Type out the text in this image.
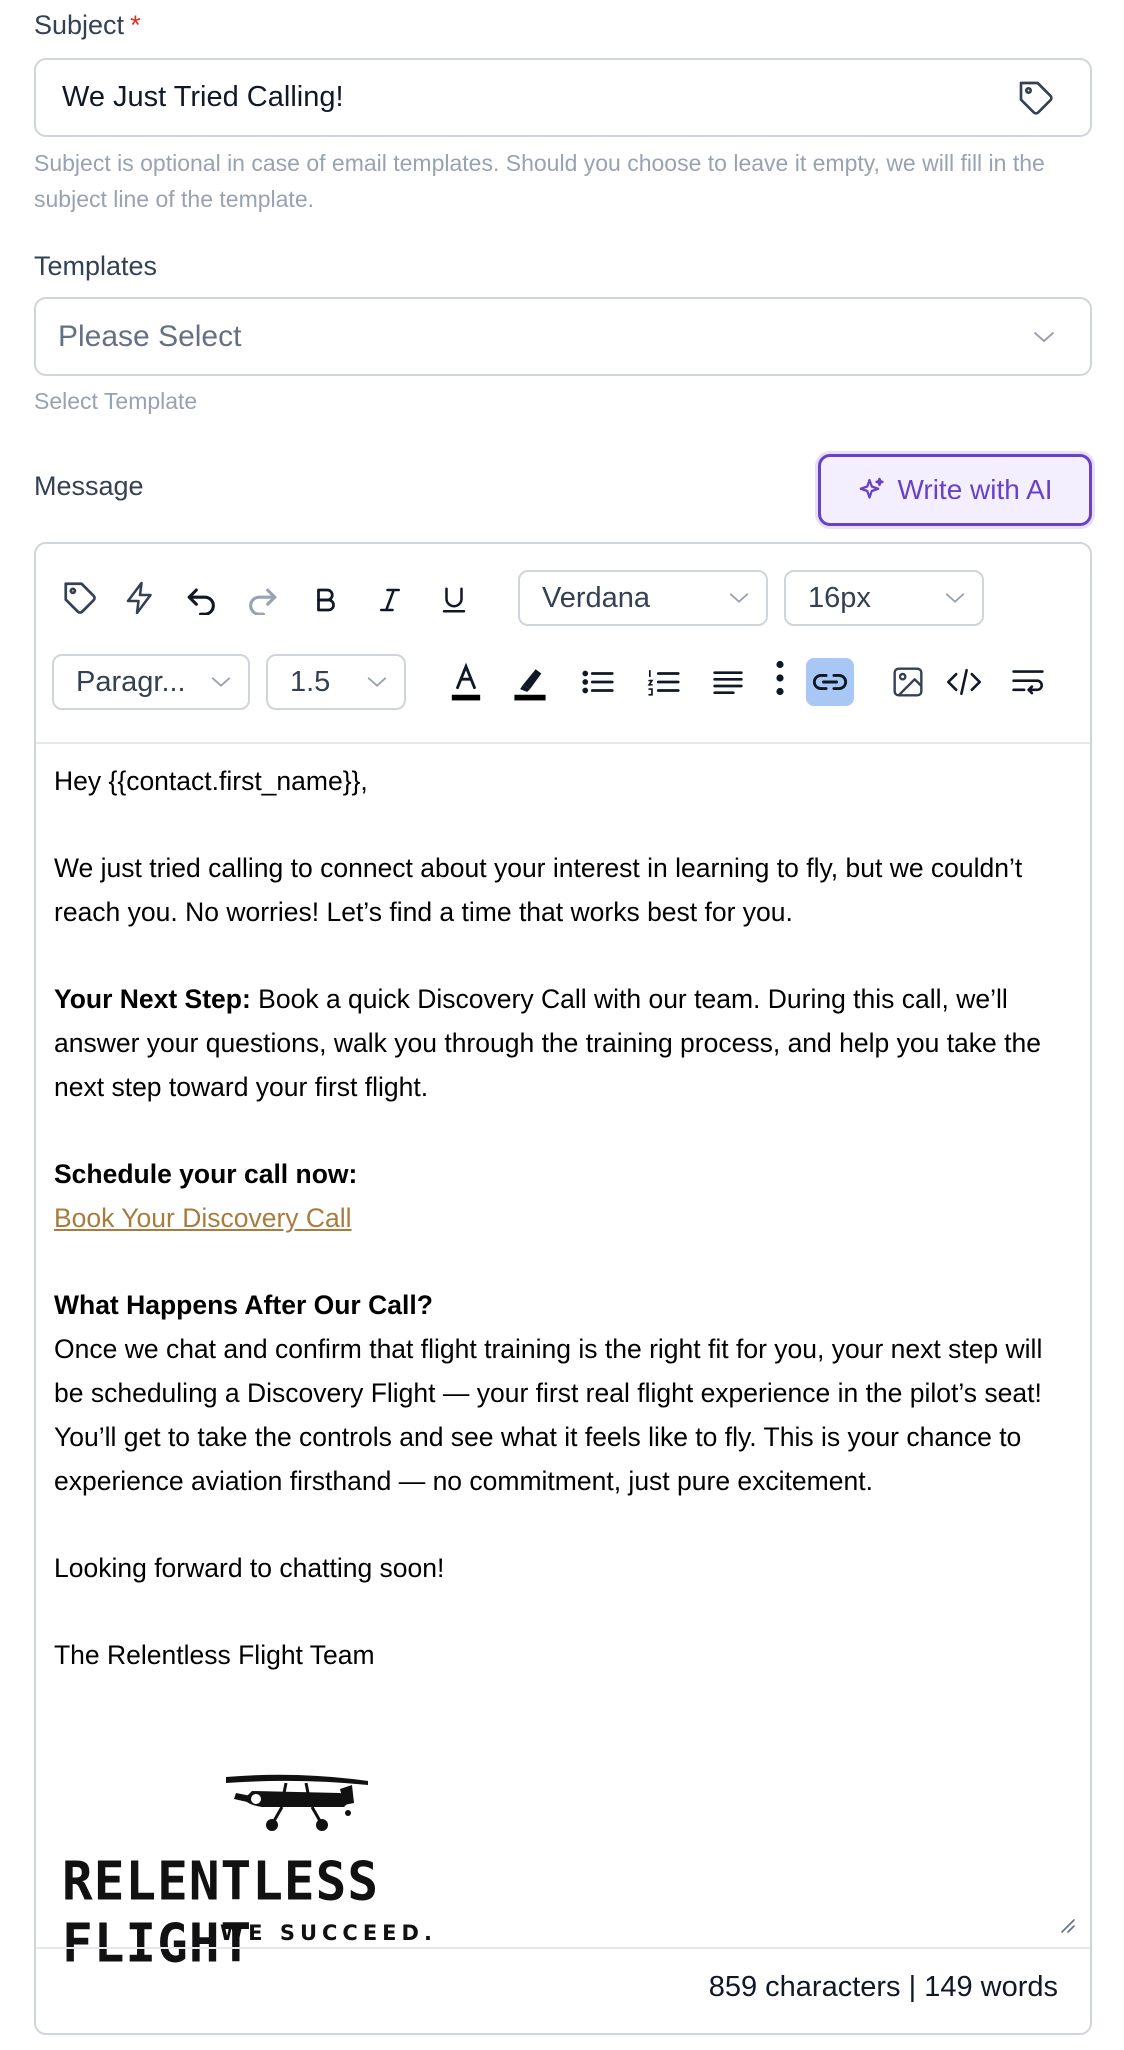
Subject *
We Just Tried Calling!
Subject is optional in case of email templates. Should you choose to leave it empty, we will fill in the subject line of the template.
Templates
Please Select
Select Template
Message	Write with AI
Verdana	16px
Paragr...	1.5

Hey {{contact.first_name}},

We just tried calling to connect about your interest in learning to fly, but we couldn’t reach you. No worries! Let’s find a time that works best for you.

Your Next Step: Book a quick Discovery Call with our team. During this call, we’ll answer your questions, walk you through the training process, and help you take the next step toward your first flight.

Schedule your call now:

Book Your Discovery Call

What Happens After Our Call?

Once we chat and confirm that flight training is the right fit for you, your next step will be scheduling a Discovery Flight — your first real flight experience in the pilot’s seat! You’ll get to take the controls and see what it feels like to fly. This is your chance to experience aviation firsthand — no commitment, just pure excitement.

Looking forward to chatting soon!

The Relentless Flight Team

RELENTLESS FLIGHT
WE SUCCEED.
859 characters | 149 words
